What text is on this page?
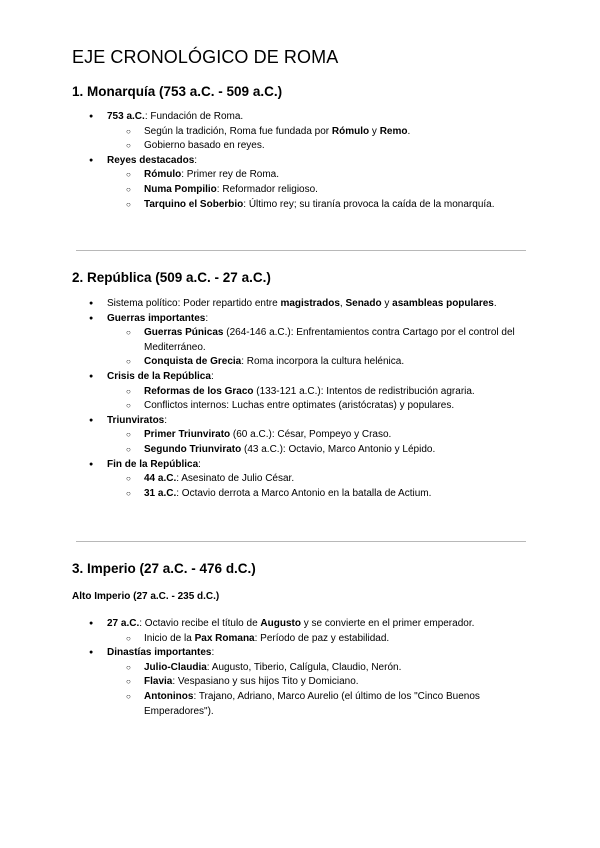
EJE CRONOLÓGICO DE ROMA
1. Monarquía (753 a.C. - 509 a.C.)
● 753 a.C.: Fundación de Roma.
○ Según la tradición, Roma fue fundada por Rómulo y Remo.
○ Gobierno basado en reyes.
● Reyes destacados:
○ Rómulo: Primer rey de Roma.
○ Numa Pompilio: Reformador religioso.
○ Tarquino el Soberbio: Último rey; su tiranía provoca la caída de la monarquía.
2. República (509 a.C. - 27 a.C.)
● Sistema político: Poder repartido entre magistrados, Senado y asambleas populares.
● Guerras importantes:
○ Guerras Púnicas (264-146 a.C.): Enfrentamientos contra Cartago por el control del Mediterráneo.
○ Conquista de Grecia: Roma incorpora la cultura helénica.
● Crisis de la República:
○ Reformas de los Graco (133-121 a.C.): Intentos de redistribución agraria.
○ Conflictos internos: Luchas entre optimates (aristócratas) y populares.
● Triunviratos:
○ Primer Triunvirato (60 a.C.): César, Pompeyo y Craso.
○ Segundo Triunvirato (43 a.C.): Octavio, Marco Antonio y Lépido.
● Fin de la República:
○ 44 a.C.: Asesinato de Julio César.
○ 31 a.C.: Octavio derrota a Marco Antonio en la batalla de Actium.
3. Imperio (27 a.C. - 476 d.C.)
Alto Imperio (27 a.C. - 235 d.C.)
● 27 a.C.: Octavio recibe el título de Augusto y se convierte en el primer emperador.
○ Inicio de la Pax Romana: Período de paz y estabilidad.
● Dinastías importantes:
○ Julio-Claudia: Augusto, Tiberio, Calígula, Claudio, Nerón.
○ Flavia: Vespasiano y sus hijos Tito y Domiciano.
○ Antoninos: Trajano, Adriano, Marco Aurelio (el último de los "Cinco Buenos Emperadores").
